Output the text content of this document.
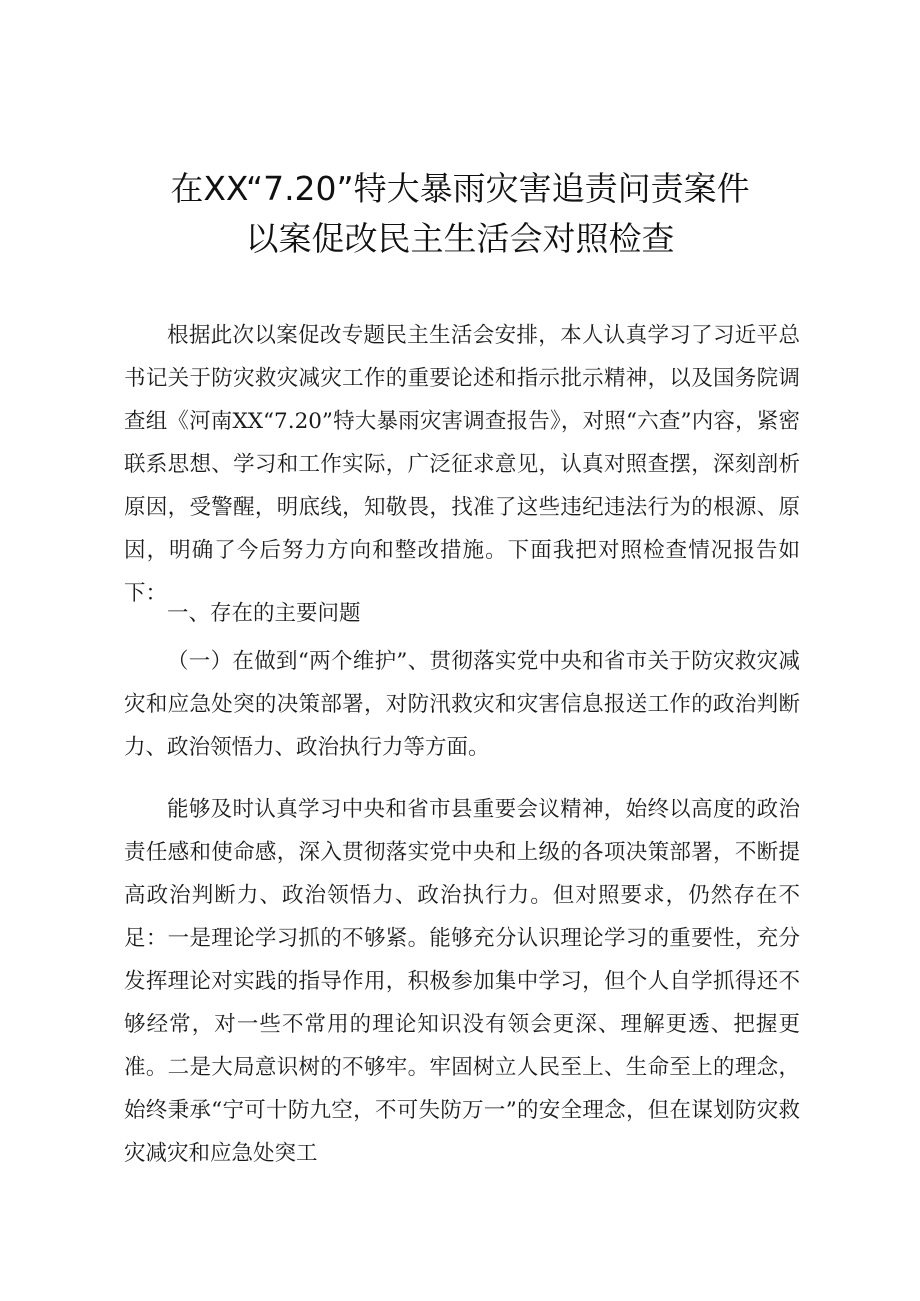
在XX“7.20”特大暴雨灾害追责问责案件
以案促改民主生活会对照检查
根据此次以案促改专题民主生活会安排，本人认真学习了习近平总书记关于防灾救灾减灾工作的重要论述和指示批示精神，以及国务院调查组《河南XX“7.20”特大暴雨灾害调查报告》，对照“六查”内容，紧密联系思想、学习和工作实际，广泛征求意见，认真对照查摆，深刻剖析原因，受警醒，明底线，知敬畏，找准了这些违纪违法行为的根源、原因，明确了今后努力方向和整改措施。下面我把对照检查情况报告如下：
一、存在的主要问题
（一）在做到“两个维护”、贯彻落实党中央和省市关于防灾救灾减灾和应急处突的决策部署，对防汛救灾和灾害信息报送工作的政治判断力、政治领悟力、政治执行力等方面。
能够及时认真学习中央和省市县重要会议精神，始终以高度的政治责任感和使命感，深入贯彻落实党中央和上级的各项决策部署，不断提高政治判断力、政治领悟力、政治执行力。但对照要求，仍然存在不足：一是理论学习抓的不够紧。能够充分认识理论学习的重要性，充分发挥理论对实践的指导作用，积极参加集中学习，但个人自学抓得还不够经常，对一些不常用的理论知识没有领会更深、理解更透、把握更准。二是大局意识树的不够牢。牢固树立人民至上、生命至上的理念，始终秉承“宁可十防九空，不可失防万一”的安全理念，但在谋划防灾救灾减灾和应急处突工
